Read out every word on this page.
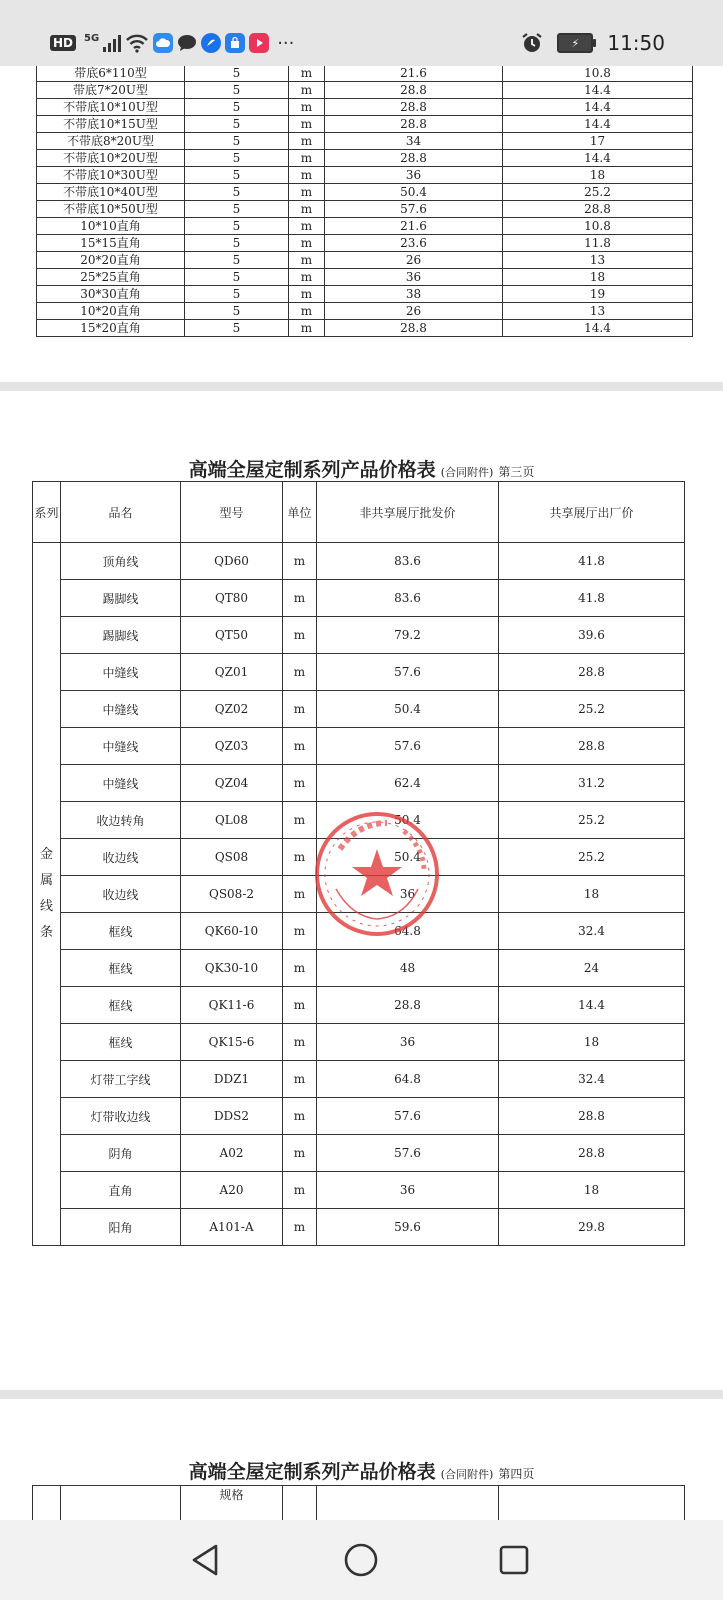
HD	5G	···	⚡ 11:50
带底6*110型	5	m	21.6	10.8
带底7*20U型	5	m	28.8	14.4
不带底10*10U型	5	m	28.8	14.4
不带底10*15U型	5	m	28.8	14.4
不带底8*20U型	5	m	34	17
不带底10*20U型	5	m	28.8	14.4
不带底10*30U型	5	m	36	18
不带底10*40U型	5	m	50.4	25.2
不带底10*50U型	5	m	57.6	28.8
10*10直角	5	m	21.6	10.8
15*15直角	5	m	23.6	11.8
20*20直角	5	m	26	13
25*25直角	5	m	36	18
30*30直角	5	m	38	19
10*20直角	5	m	26	13
15*20直角	5	m	28.8	14.4
高端全屋定制系列产品价格表 (合同附件) 第三页
系列	品名	型号	单位	非共享展厅批发价	共享展厅出厂价
金
属
线
条	顶角线	QD60	m	83.6	41.8
	踢脚线	QT80	m	83.6	41.8
	踢脚线	QT50	m	79.2	39.6
	中缝线	QZ01	m	57.6	28.8
	中缝线	QZ02	m	50.4	25.2
	中缝线	QZ03	m	57.6	28.8
	中缝线	QZ04	m	62.4	31.2
	收边转角	QL08	m	50.4	25.2
	收边线	QS08	m	50.4	25.2
	收边线	QS08-2	m	36	18
	框线	QK60-10	m	64.8	32.4
	框线	QK30-10	m	48	24
	框线	QK11-6	m	28.8	14.4
	框线	QK15-6	m	36	18
	灯带工字线	DDZ1	m	64.8	32.4
	灯带收边线	DDS2	m	57.6	28.8
	阴角	A02	m	57.6	28.8
	直角	A20	m	36	18
	阳角	A101-A	m	59.6	29.8
高端全屋定制系列产品价格表 (合同附件) 第四页
		规格			
